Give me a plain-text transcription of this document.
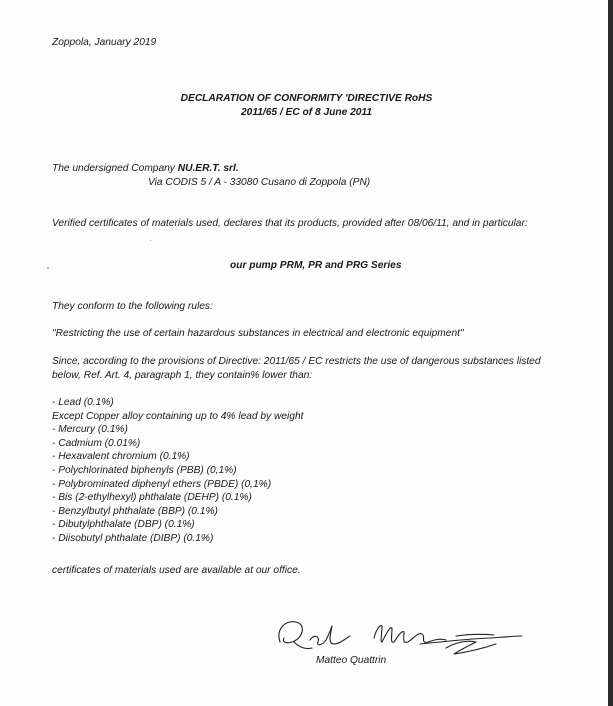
Zoppola, January 2019
DECLARATION OF CONFORMITY 'DIRECTIVE RoHS
2011/65 / EC of 8 June 2011
The undersigned Company NU.ER.T. srl.
Via CODIS 5 / A - 33080 Cusano di Zoppola (PN)
Verified certificates of materials used, declares that its products, provided after 08/06/11, and in particular:
our pump PRM, PR and PRG Series
They conform to the following rules:
"Restricting the use of certain hazardous substances in electrical and electronic equipment"
Since, according to the provisions of Directive: 2011/65 / EC restricts the use of dangerous substances listed
below, Ref. Art. 4, paragraph 1, they contain% lower than:
- Lead (0.1%)
Except Copper alloy containing up to 4% lead by weight
- Mercury (0.1%)
- Cadmium (0.01%)
- Hexavalent chromium (0.1%)
- Polychlorinated biphenyls (PBB) (0,1%)
- Polybrominated diphenyl ethers (PBDE) (0,1%)
- Bis (2-ethylhexyl) phthalate (DEHP) (0.1%)
- Benzylbutyl phthalate (BBP) (0.1%)
- Dibutylphthalate (DBP) (0.1%)
- Diisobutyl phthalate (DIBP) (0.1%)
certificates of materials used are available at our office.
Matteo Quattrin
